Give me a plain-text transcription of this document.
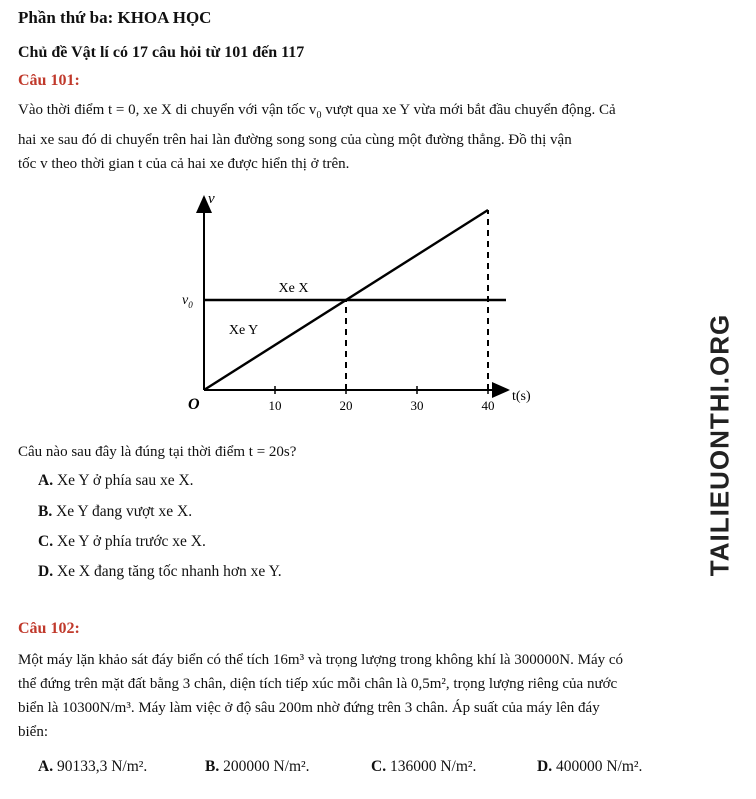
Phần thứ ba: KHOA HỌC
Chủ đề Vật lí có 17 câu hỏi từ 101 đến 117
Câu 101:
Vào thời điểm t = 0, xe X di chuyển với vận tốc $v_0$ vượt qua xe Y vừa mới bắt đầu chuyển động. Cả
hai xe sau đó di chuyển trên hai làn đường song song của cùng một đường thẳng. Đồ thị vận
tốc v theo thời gian t của cả hai xe được hiển thị ở trên.
Xe X
Xe Y
10	20	30	40
$v_0$
v
t(s)
O	TAILIEUONTHI.ORG
Câu nào sau đây là đúng tại thời điểm t = 20s?
A. Xe Y ở phía sau xe X.
B. Xe Y đang vượt xe X.
C. Xe Y ở phía trước xe X.
D. Xe X đang tăng tốc nhanh hơn xe Y.
Câu 102:
Một máy lặn khảo sát đáy biển có thể tích 16m³ và trọng lượng trong không khí là 300000N. Máy có
thể đứng trên mặt đất bằng 3 chân, diện tích tiếp xúc mỗi chân là 0,5m², trọng lượng riêng của nước
biển là 10300N/m³. Máy làm việc ở độ sâu 200m nhờ đứng trên 3 chân. Áp suất của máy lên đáy
biển:
A. 90133,3 N/m².	B. 200000 N/m².	C. 136000 N/m².	D. 400000 N/m².
